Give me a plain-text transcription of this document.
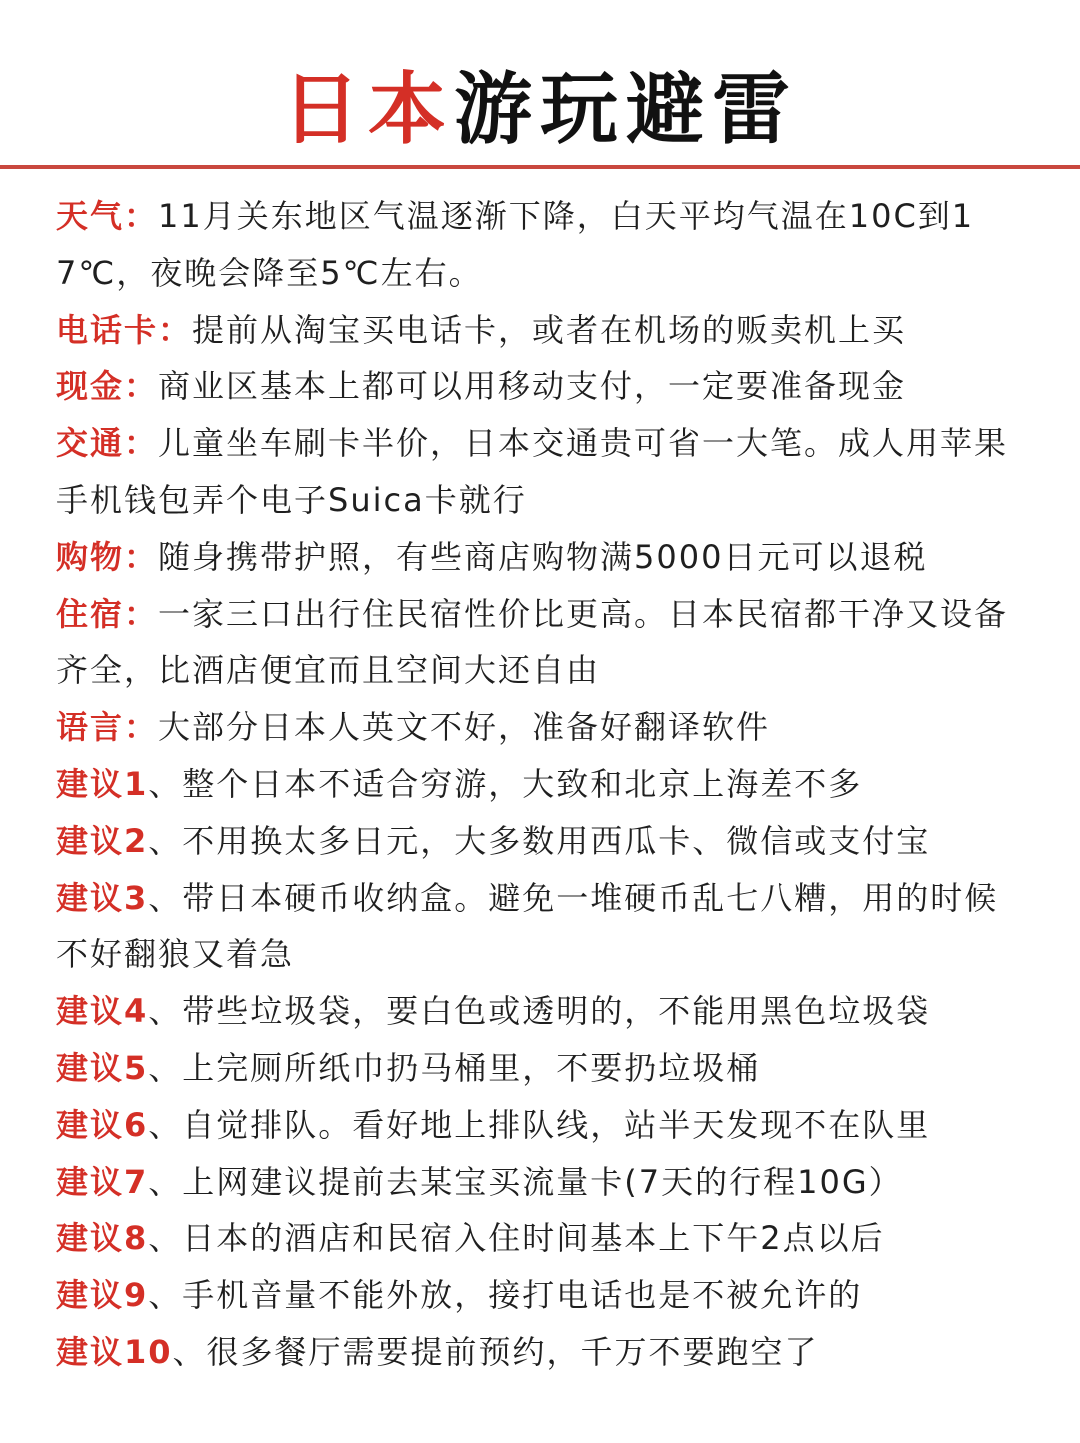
日本游玩避雷
天气：11月关东地区气温逐渐下降，白天平均气温在10C到17℃，夜晚会降至5℃左右。
电话卡：提前从淘宝买电话卡，或者在机场的贩卖机上买
现金：商业区基本上都可以用移动支付，一定要准备现金
交通：儿童坐车刷卡半价，日本交通贵可省一大笔。成人用苹果手机钱包弄个电子Suica卡就行
购物：随身携带护照，有些商店购物满5000日元可以退税
住宿：一家三口出行住民宿性价比更高。日本民宿都干净又设备齐全，比酒店便宜而且空间大还自由
语言：大部分日本人英文不好，准备好翻译软件
建议1、整个日本不适合穷游，大致和北京上海差不多
建议2、不用换太多日元，大多数用西瓜卡、微信或支付宝
建议3、带日本硬币收纳盒。避免一堆硬币乱七八糟，用的时候不好翻狼又着急
建议4、带些垃圾袋，要白色或透明的，不能用黑色垃圾袋
建议5、上完厕所纸巾扔马桶里，不要扔垃圾桶
建议6、自觉排队。看好地上排队线，站半天发现不在队里
建议7、上网建议提前去某宝买流量卡(7天的行程10G）
建议8、日本的酒店和民宿入住时间基本上下午2点以后
建议9、手机音量不能外放，接打电话也是不被允许的
建议10、很多餐厅需要提前预约，千万不要跑空了
